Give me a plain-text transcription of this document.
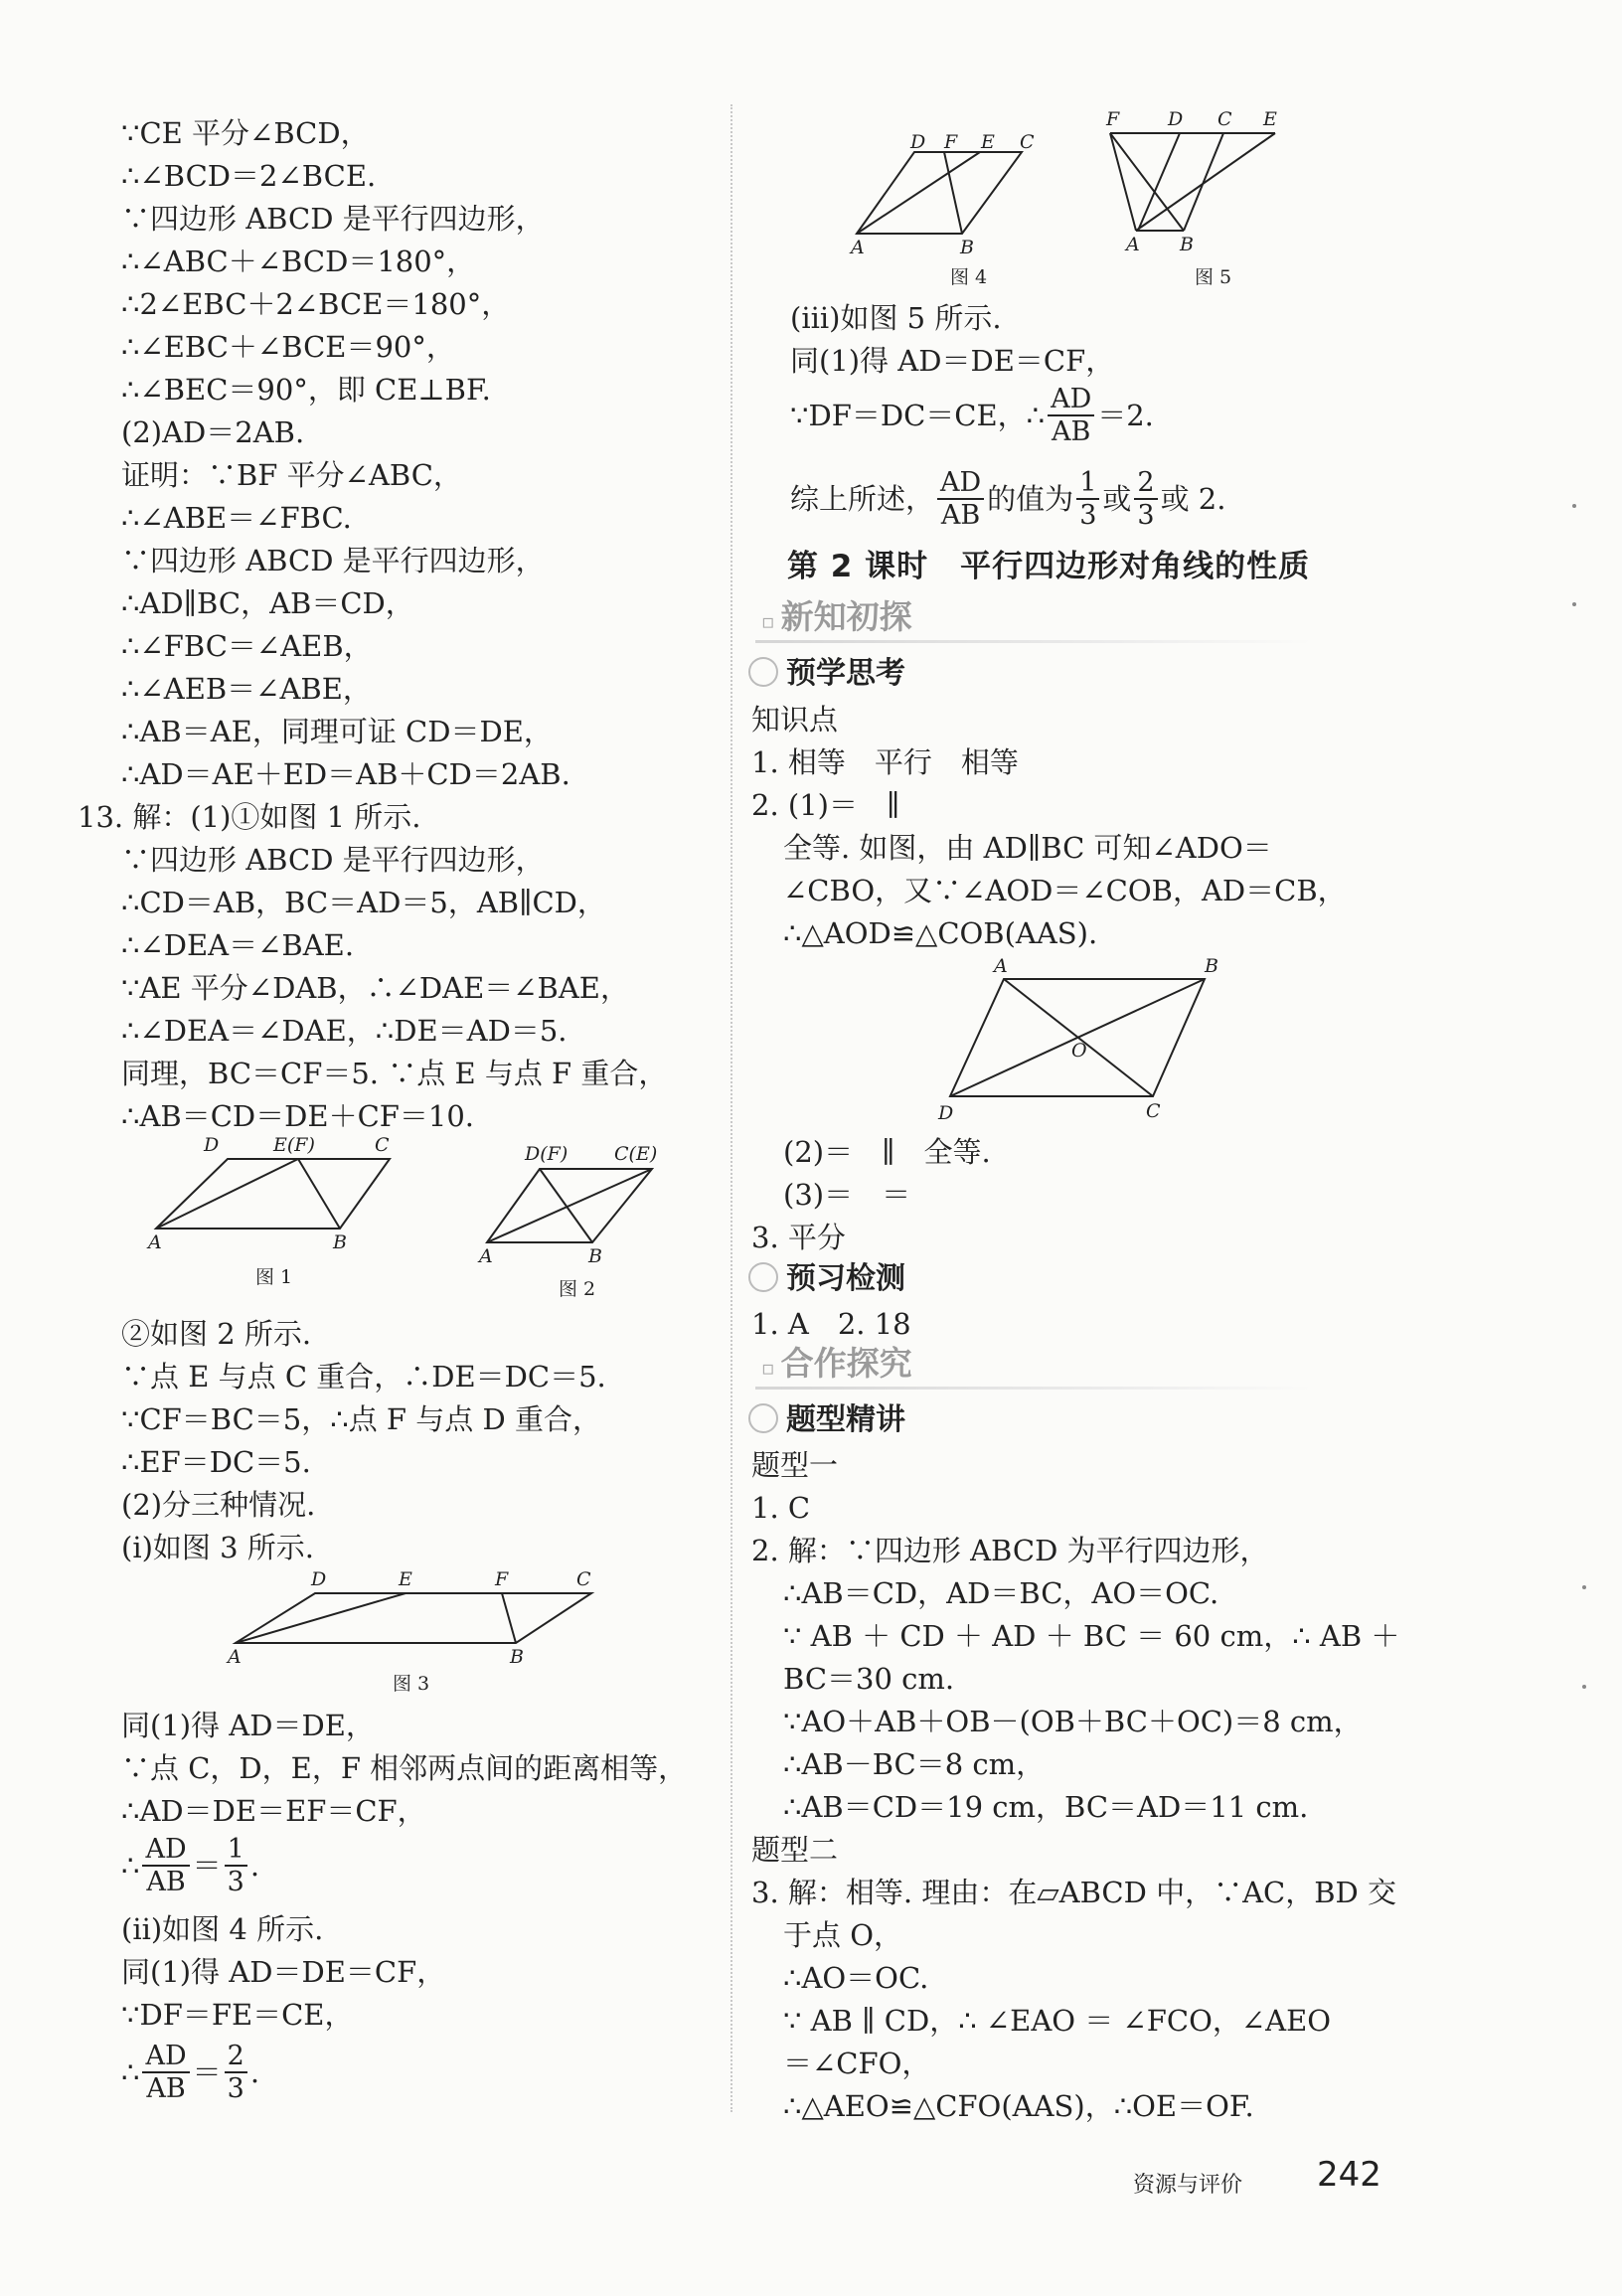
∵CE 平分∠BCD，
∴∠BCD＝2∠BCE.
∵四边形 ABCD 是平行四边形，
∴∠ABC＋∠BCD＝180°，
∴2∠EBC＋2∠BCE＝180°，
∴∠EBC＋∠BCE＝90°，
∴∠BEC＝90°，即 CE⊥BF.
(2)AD＝2AB.
证明：∵BF 平分∠ABC，
∴∠ABE＝∠FBC.
∵四边形 ABCD 是平行四边形，
∴AD∥BC，AB＝CD，
∴∠FBC＝∠AEB，
∴∠AEB＝∠ABE，
∴AB＝AE，同理可证 CD＝DE，
∴AD＝AE＋ED＝AB＋CD＝2AB.
13. 解：(1)①如图 1 所示.
∵四边形 ABCD 是平行四边形，
∴CD＝AB，BC＝AD＝5，AB∥CD，
∴∠DEA＝∠BAE.
∵AE 平分∠DAB，∴∠DAE＝∠BAE，
∴∠DEA＝∠DAE，∴DE＝AD＝5.
同理，BC＝CF＝5. ∵点 E 与点 F 重合，
∴AB＝CD＝DE＋CF＝10.
D	E(F)	C
A	B
图 1
D(F) C(E)
A	B
图 2
②如图 2 所示.
∵点 E 与点 C 重合，∴DE＝DC＝5.
∵CF＝BC＝5，∴点 F 与点 D 重合，
∴EF＝DC＝5.
(2)分三种情况.
(i)如图 3 所示.
D	E	F	C
A	B
图 3
同(1)得 AD＝DE，
∵点 C，D，E，F 相邻两点间的距离相等，
∴AD＝DE＝EF＝CF，
∴ $\frac{AD}{AB} = \frac{1}{3}$ .
(ii)如图 4 所示.
同(1)得 AD＝DE＝CF，
∵DF＝FE＝CE，
∴ $\frac{AD}{AB} = \frac{2}{3}$ .
D F E C
A	B
图 4
F	D C E
A B
图 5
(iii)如图 5 所示.
同(1)得 AD＝DE＝CF，
∵DF＝DC＝CE，∴ $\frac{AD}{AB} =2$.
综上所述， $\frac{AD}{AB}$ 的值为 $\frac{1}{3}$ 或 $\frac{2}{3}$ 或 2.
第 2 课时　平行四边形对角线的性质
▫ 新知初探
预学思考
知识点
1. 相等　平行　相等
2. (1)＝　∥
全等. 如图，由 AD∥BC 可知∠ADO＝
∠CBO，又∵∠AOD＝∠COB，AD＝CB，
∴△AOD≌△COB(AAS).
A	B
O
D	C
(2)＝　∥　全等.
(3)＝　＝
3. 平分
预习检测
1. A　2. 18
▫ 合作探究
题型精讲
题型一
1. C
2. 解：∵四边形 ABCD 为平行四边形，
∴AB＝CD，AD＝BC，AO＝OC.
∵ AB ＋ CD ＋ AD ＋ BC ＝ 60 cm，∴ AB ＋
BC＝30 cm.
∵AO＋AB＋OB－(OB＋BC＋OC)＝8 cm，
∴AB－BC＝8 cm，
∴AB＝CD＝19 cm，BC＝AD＝11 cm.
题型二
3. 解：相等. 理由：在▱ABCD 中，∵AC，BD 交
于点 O，
∴AO＝OC.
∵ AB ∥ CD，∴ ∠EAO ＝ ∠FCO，∠AEO
＝∠CFO，
∴△AEO≌△CFO(AAS)，∴OE＝OF.
资源与评价 242
